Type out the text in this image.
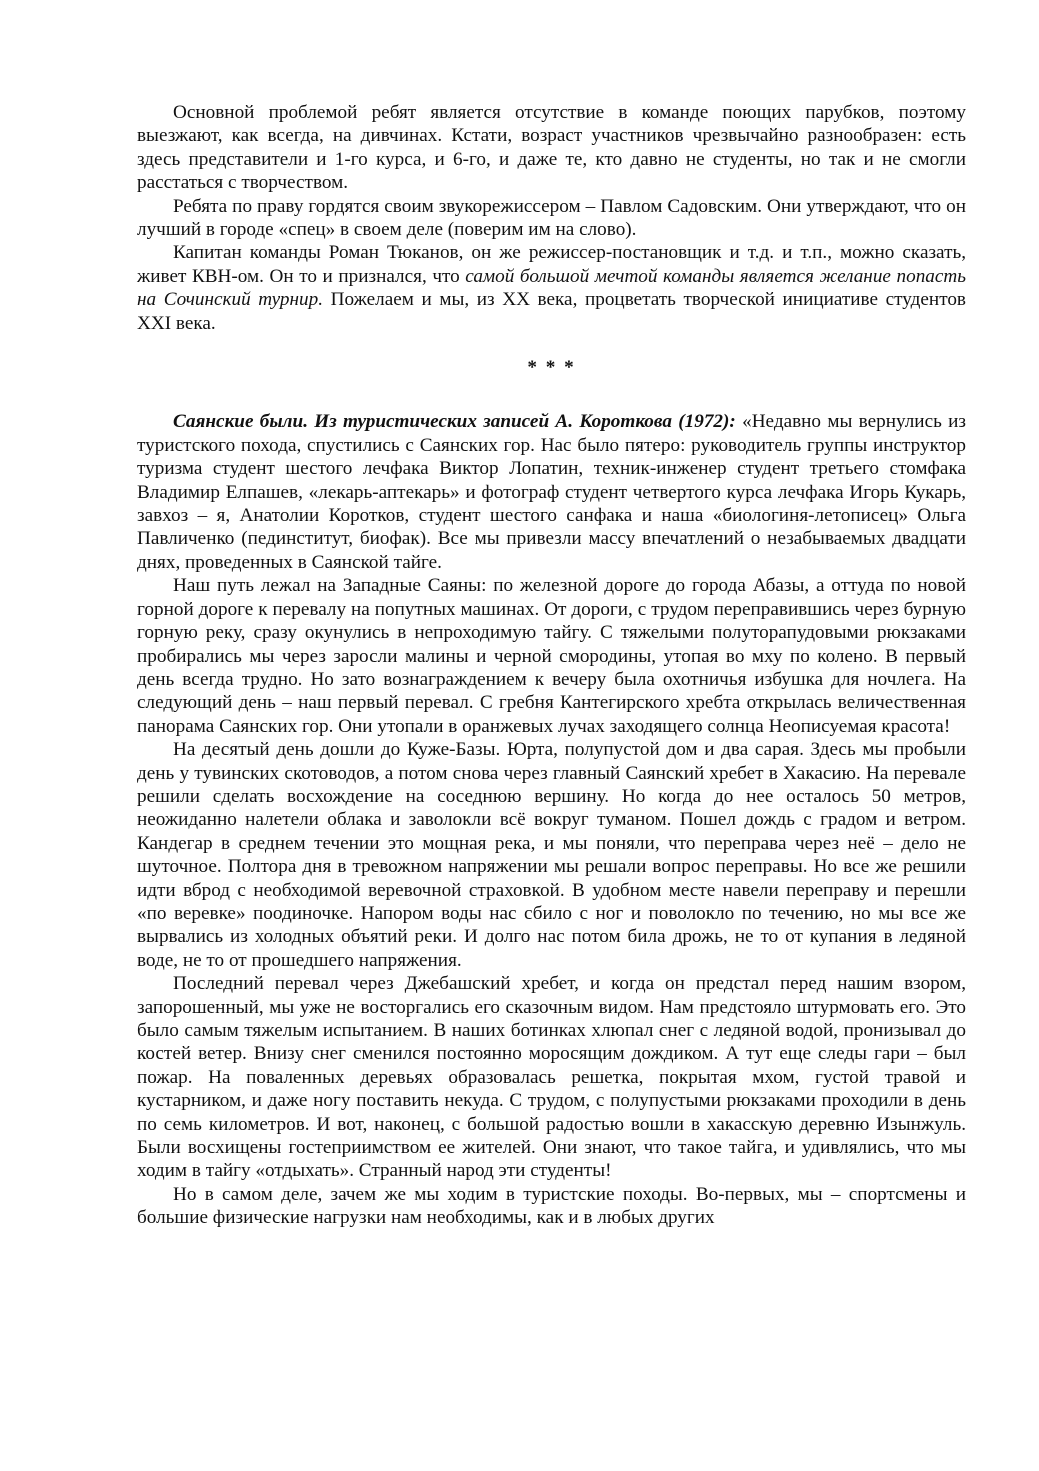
Основной проблемой ребят является отсутствие в команде поющих парубков, поэтому выезжают, как всегда, на дивчинах. Кстати, возраст участников чрезвычайно разнообразен: есть здесь представители и 1-го курса, и 6-го, и даже те, кто давно не студенты, но так и не смогли расстаться с творчеством.

Ребята по праву гордятся своим звукорежиссером – Павлом Садовским. Они утверждают, что он лучший в городе «спец» в своем деле (поверим им на слово).

Капитан команды Роман Тюканов, он же режиссер-постановщик и т.д. и т.п., можно сказать, живет КВН-ом. Он то и признался, что самой большой мечтой команды является желание попасть на Сочинский турнир. Пожелаем и мы, из XX века, процветать творческой инициативе студентов XXI века.

* * *

Саянские были. Из туристических записей А. Короткова (1972): «Недавно мы вернулись из туристского похода, спустились с Саянских гор. Нас было пятеро: руководитель группы инструктор туризма студент шестого лечфака Виктор Лопатин, техник-инженер студент третьего стомфака Владимир Елпашев, «лекарь-аптекарь» и фотограф студент четвертого курса лечфака Игорь Кукарь, завхоз – я, Анатолии Коротков, студент шестого санфака и наша «биологиня-летописец» Ольга Павличенко (пединститут, биофак). Все мы привезли массу впечатлений о незабываемых двадцати днях, проведенных в Саянской тайге.

Наш путь лежал на Западные Саяны: по железной дороге до города Абазы, а оттуда по новой горной дороге к перевалу на попутных машинах. От дороги, с трудом переправившись через бурную горную реку, сразу окунулись в непроходимую тайгу. С тяжелыми полуторапудовыми рюкзаками пробирались мы через заросли малины и черной смородины, утопая во мху по колено. В первый день всегда трудно. Но зато вознаграждением к вечеру была охотничья избушка для ночлега. На следующий день – наш первый перевал. С гребня Кантегирского хребта открылась величественная панорама Саянских гор. Они утопали в оранжевых лучах заходящего солнца Неописуемая красота!

На десятый день дошли до Куже-Базы. Юрта, полупустой дом и два сарая. Здесь мы пробыли день у тувинских скотоводов, а потом снова через главный Саянский хребет в Хакасию. На перевале решили сделать восхождение на соседнюю вершину. Но когда до нее осталось 50 метров, неожиданно налетели облака и заволокли всё вокруг туманом. Пошел дождь с градом и ветром. Кандегар в среднем течении это мощная река, и мы поняли, что переправа через неё – дело не шуточное. Полтора дня в тревожном напряжении мы решали вопрос переправы. Но все же решили идти вброд с необходимой веревочной страховкой. В удобном месте навели переправу и перешли «по веревке» поодиночке. Напором воды нас сбило с ног и поволокло по течению, но мы все же вырвались из холодных объятий реки. И долго нас потом била дрожь, не то от купания в ледяной воде, не то от прошедшего напряжения.

Последний перевал через Джебашский хребет, и когда он предстал перед нашим взором, запорошенный, мы уже не восторгались его сказочным видом. Нам предстояло штурмовать его. Это было самым тяжелым испытанием. В наших ботинках хлюпал снег с ледяной водой, пронизывал до костей ветер. Внизу снег сменился постоянно моросящим дождиком. А тут еще следы гари – был пожар. На поваленных деревьях образовалась решетка, покрытая мхом, густой травой и кустарником, и даже ногу поставить некуда. С трудом, с полупустыми рюкзаками проходили в день по семь километров. И вот, наконец, с большой радостью вошли в хакасскую деревню Изынжуль. Были восхищены гостеприимством ее жителей. Они знают, что такое тайга, и удивлялись, что мы ходим в тайгу «отдыхать». Странный народ эти студенты!

Но в самом деле, зачем же мы ходим в туристские походы. Во-первых, мы – спортсмены и большие физические нагрузки нам необходимы, как и в любых других
